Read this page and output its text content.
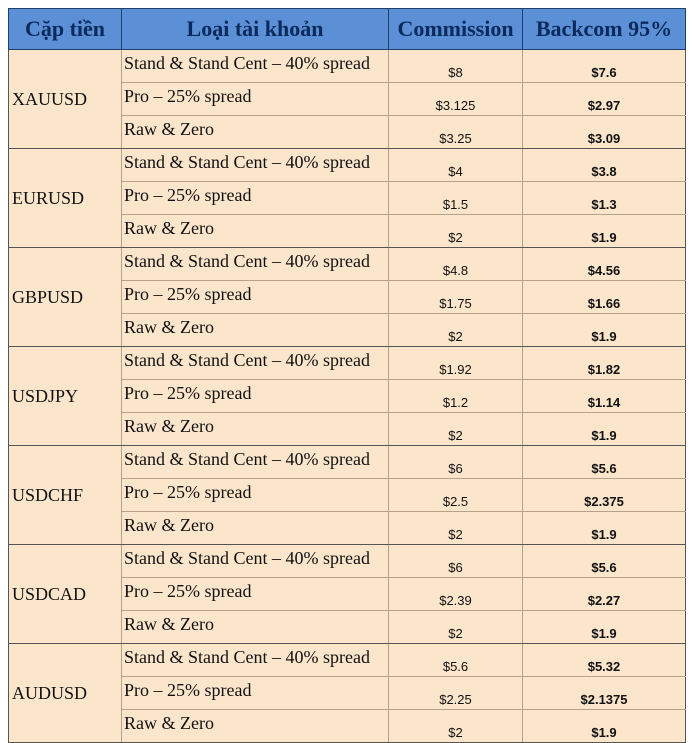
Cặp tiền	Loại tài khoản	Commission	Backcom 95%
XAUUSD	Stand & Stand Cent – 40% spread	$8	$7.6
	Pro – 25% spread	$3.125	$2.97
	Raw & Zero	$3.25	$3.09
EURUSD	Stand & Stand Cent – 40% spread	$4	$3.8
	Pro – 25% spread	$1.5	$1.3
	Raw & Zero	$2	$1.9
GBPUSD	Stand & Stand Cent – 40% spread	$4.8	$4.56
	Pro – 25% spread	$1.75	$1.66
	Raw & Zero	$2	$1.9
USDJPY	Stand & Stand Cent – 40% spread	$1.92	$1.82
	Pro – 25% spread	$1.2	$1.14
	Raw & Zero	$2	$1.9
USDCHF	Stand & Stand Cent – 40% spread	$6	$5.6
	Pro – 25% spread	$2.5	$2.375
	Raw & Zero	$2	$1.9
USDCAD	Stand & Stand Cent – 40% spread	$6	$5.6
	Pro – 25% spread	$2.39	$2.27
	Raw & Zero	$2	$1.9
AUDUSD	Stand & Stand Cent – 40% spread	$5.6	$5.32
	Pro – 25% spread	$2.25	$2.1375
	Raw & Zero	$2	$1.9
